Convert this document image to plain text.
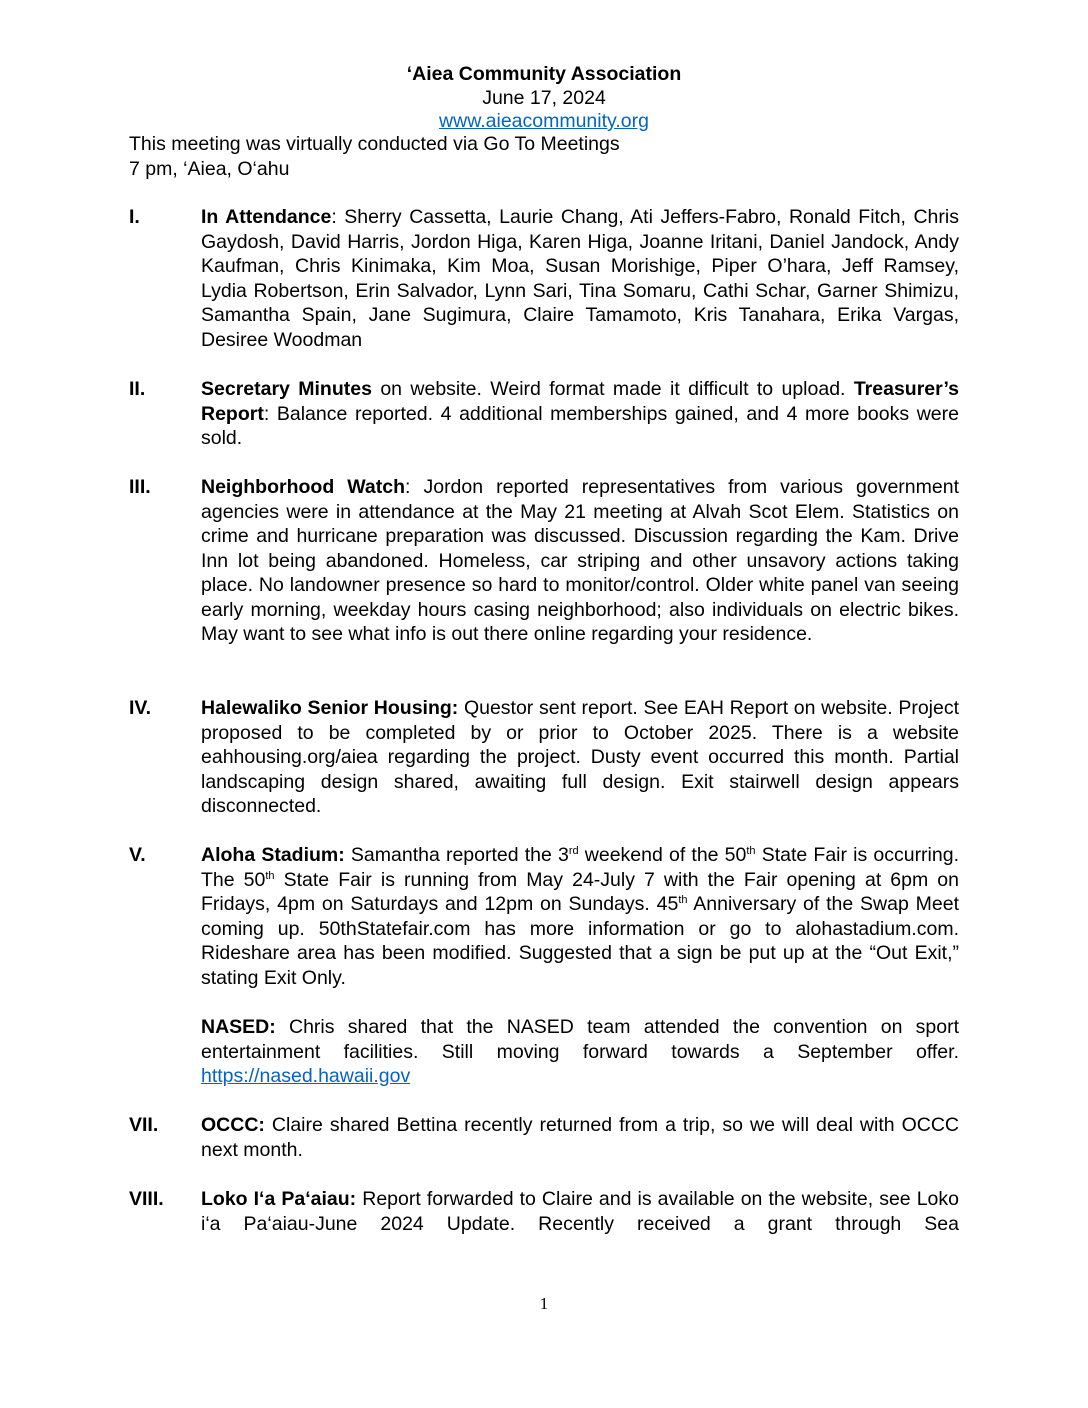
‘Aiea Community Association
June 17, 2024
www.aieacommunity.org
This meeting was virtually conducted via Go To Meetings
7 pm, ‘Aiea, O‘ahu
I.	In Attendance: Sherry Cassetta, Laurie Chang, Ati Jeffers-Fabro, Ronald Fitch, Chris Gaydosh, David Harris, Jordon Higa, Karen Higa, Joanne Iritani, Daniel Jandock, Andy Kaufman, Chris Kinimaka, Kim Moa, Susan Morishige, Piper O’hara, Jeff Ramsey, Lydia Robertson, Erin Salvador, Lynn Sari, Tina Somaru, Cathi Schar, Garner Shimizu, Samantha Spain, Jane Sugimura, Claire Tamamoto, Kris Tanahara, Erika Vargas, Desiree Woodman
II.	Secretary Minutes on website. Weird format made it difficult to upload. Treasurer’s Report: Balance reported. 4 additional memberships gained, and 4 more books were sold.
III.	Neighborhood Watch: Jordon reported representatives from various government agencies were in attendance at the May 21 meeting at Alvah Scot Elem. Statistics on crime and hurricane preparation was discussed. Discussion regarding the Kam. Drive Inn lot being abandoned. Homeless, car striping and other unsavory actions taking place. No landowner presence so hard to monitor/control. Older white panel van seeing early morning, weekday hours casing neighborhood; also individuals on electric bikes. May want to see what info is out there online regarding your residence.
IV.	Halewaliko Senior Housing: Questor sent report. See EAH Report on website. Project proposed to be completed by or prior to October 2025. There is a website eahhousing.org/aiea regarding the project. Dusty event occurred this month. Partial landscaping design shared, awaiting full design. Exit stairwell design appears disconnected.
V.	Aloha Stadium: Samantha reported the 3rd weekend of the 50th State Fair is occurring. The 50th State Fair is running from May 24-July 7 with the Fair opening at 6pm on Fridays, 4pm on Saturdays and 12pm on Sundays. 45th Anniversary of the Swap Meet coming up. 50thStatefair.com has more information or go to alohastadium.com. Rideshare area has been modified. Suggested that a sign be put up at the “Out Exit,” stating Exit Only.
NASED: Chris shared that the NASED team attended the convention on sport entertainment facilities. Still moving forward towards a September offer. https://nased.hawaii.gov
VII.	OCCC: Claire shared Bettina recently returned from a trip, so we will deal with OCCC next month.
VIII.	Loko I‘a Pa‘aiau: Report forwarded to Claire and is available on the website, see Loko i‘a Pa‘aiau-June 2024 Update. Recently received a grant through Sea
1
